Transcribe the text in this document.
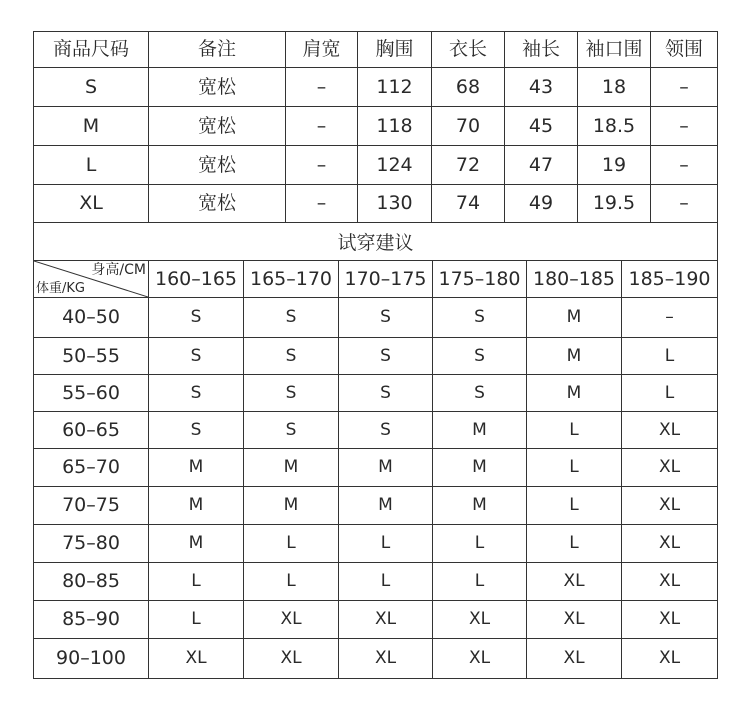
商品尺码	备注	肩宽	胸围	衣长	袖长	袖口围	领围
S	宽松	–	112	68	43	18	–
M	宽松	–	118	70	45	18.5	–
L	宽松	–	124	72	47	19	–
XL	宽松	–	130	74	49	19.5	–
试穿建议
身高/CM
体重/KG	160–165 165–170 170–175 175–180 180–185 185–190
40–50	S	S	S	S	M	–
50–55	S	S	S	S	M	L
55–60	S	S	S	S	M	L
60–65	S	S	S	M	L	XL
65–70	M	M	M	M	L	XL
70–75	M	M	M	M	L	XL
75–80	M	L	L	L	L	XL
80–85	L	L	L	L	XL	XL
85–90	L	XL	XL	XL	XL	XL
90–100	XL	XL	XL	XL	XL	XL
